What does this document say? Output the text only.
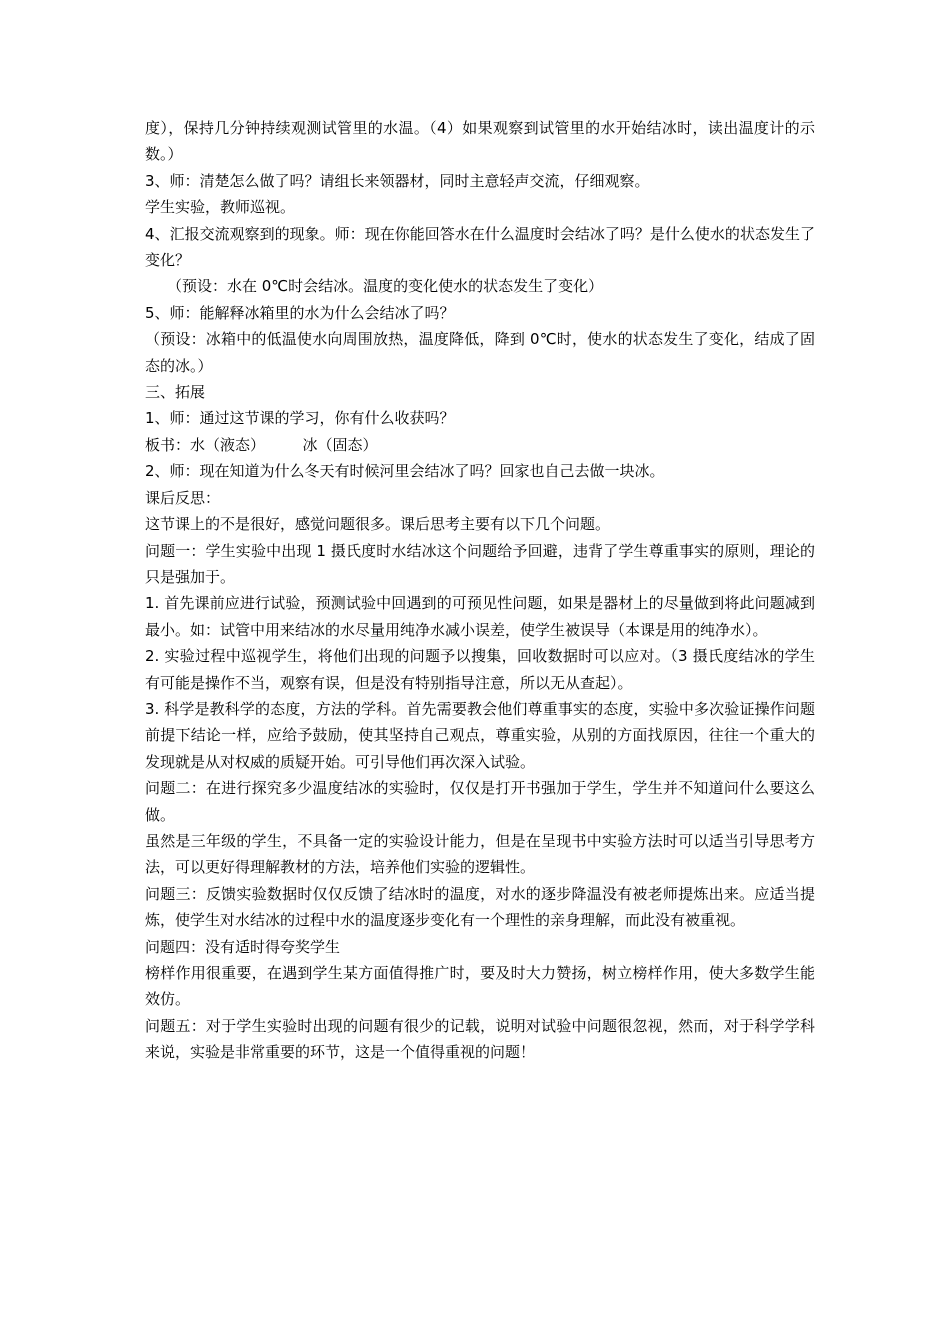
度），保持几分钟持续观测试管里的水温。（4）如果观察到试管里的水开始结冰时，读出温度计的示数。）

3、师：清楚怎么做了吗？请组长来领器材，同时主意轻声交流，仔细观察。

学生实验，教师巡视。

4、汇报交流观察到的现象。师：现在你能回答水在什么温度时会结冰了吗？是什么使水的状态发生了变化？

（预设：水在 0℃时会结冰。温度的变化使水的状态发生了变化）

5、师：能解释冰箱里的水为什么会结冰了吗？

（预设：冰箱中的低温使水向周围放热，温度降低，降到 0℃时，使水的状态发生了变化，结成了固态的冰。）

三、拓展

1、师：通过这节课的学习，你有什么收获吗？

板书：水（液态）　　　冰（固态）

2、师：现在知道为什么冬天有时候河里会结冰了吗？回家也自己去做一块冰。

课后反思：

这节课上的不是很好，感觉问题很多。课后思考主要有以下几个问题。

问题一：学生实验中出现 1 摄氏度时水结冰这个问题给予回避，违背了学生尊重事实的原则，理论的只是强加于。

1. 首先课前应进行试验，预测试验中回遇到的可预见性问题，如果是器材上的尽量做到将此问题减到最小。如：试管中用来结冰的水尽量用纯净水减小误差，使学生被误导（本课是用的纯净水）。

2. 实验过程中巡视学生，将他们出现的问题予以搜集，回收数据时可以应对。（3 摄氏度结冰的学生有可能是操作不当，观察有误，但是没有特别指导注意，所以无从查起）。

3. 科学是教科学的态度，方法的学科。首先需要教会他们尊重事实的态度，实验中多次验证操作问题前提下结论一样，应给予鼓励，使其坚持自己观点，尊重实验，从别的方面找原因，往往一个重大的发现就是从对权威的质疑开始。可引导他们再次深入试验。

问题二：在进行探究多少温度结冰的实验时，仅仅是打开书强加于学生，学生并不知道问什么要这么做。

虽然是三年级的学生，不具备一定的实验设计能力，但是在呈现书中实验方法时可以适当引导思考方法，可以更好得理解教材的方法，培养他们实验的逻辑性。

问题三：反馈实验数据时仅仅反馈了结冰时的温度，对水的逐步降温没有被老师提炼出来。应适当提炼，使学生对水结冰的过程中水的温度逐步变化有一个理性的亲身理解，而此没有被重视。

问题四：没有适时得夸奖学生

榜样作用很重要，在遇到学生某方面值得推广时，要及时大力赞扬，树立榜样作用，使大多数学生能效仿。

问题五：对于学生实验时出现的问题有很少的记载，说明对试验中问题很忽视，然而，对于科学学科来说，实验是非常重要的环节，这是一个值得重视的问题！
